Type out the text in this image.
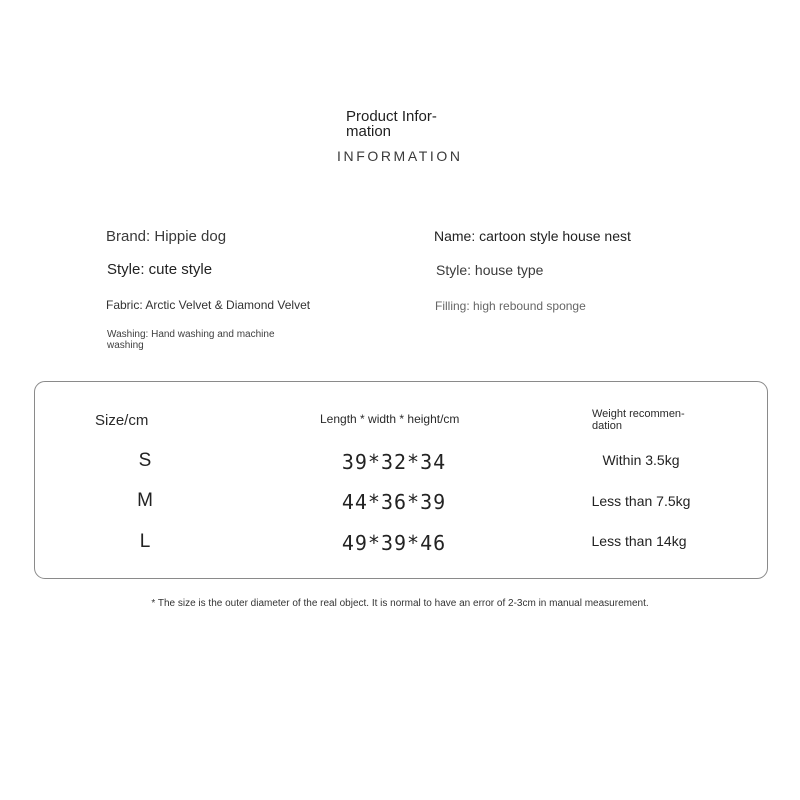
Product Infor-
mation
INFORMATION
Brand: Hippie dog	Name: cartoon style house nest
Style: cute style	Style: house type
Fabric: Arctic Velvet & Diamond Velvet	Filling: high rebound sponge
Washing: Hand washing and machine
washing
Size/cm	Length * width * height/cm	Weight recommen-
dation
S	39*32*34	Within 3.5kg
M	44*36*39	Less than 7.5kg
L	49*39*46	Less than 14kg
* The size is the outer diameter of the real object. It is normal to have an error of 2-3cm in manual measurement.
